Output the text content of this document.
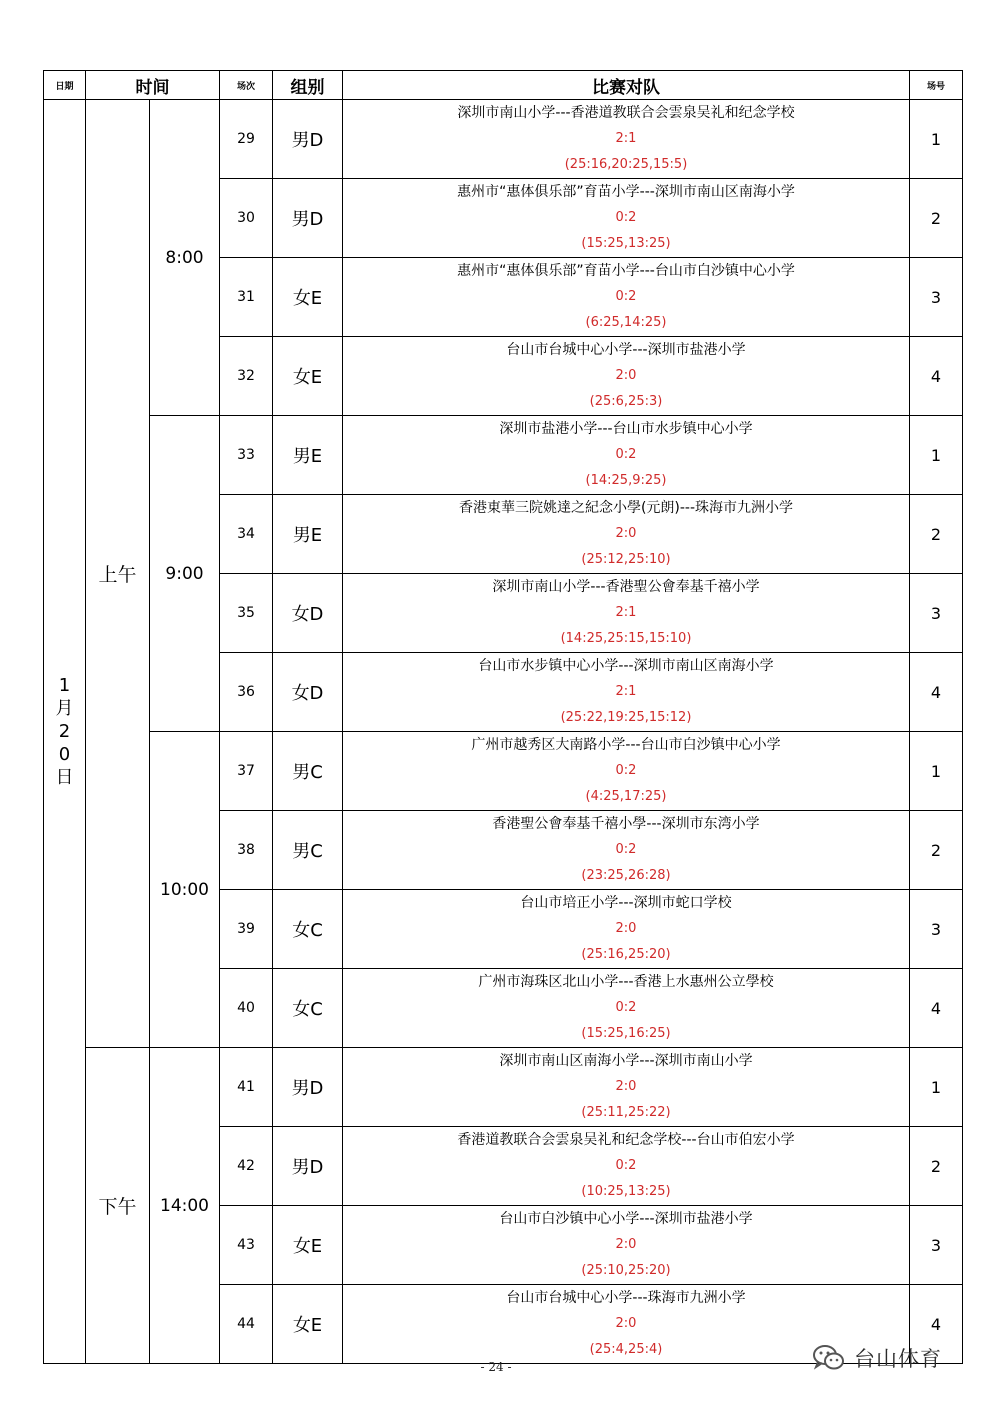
日期	时间		场次	组别	比赛对队	场号

1月20日	上午	8:00	29	男D	深圳市南山小学---香港道教联合会雲泉吴礼和纪念学校
2:1
(25:16,20:25,15:5)	1
			30	男D	惠州市“惠体俱乐部”育苗小学---深圳市南山区南海小学
0:2
(15:25,13:25)	2
			31	女E	惠州市“惠体俱乐部”育苗小学---台山市白沙镇中心小学
0:2
(6:25,14:25)	3
			32	女E	台山市台城中心小学---深圳市盐港小学
2:0
(25:6,25:3)	4
		9:00	33	男E	深圳市盐港小学---台山市水步镇中心小学
0:2
(14:25,9:25)	1
			34	男E	香港東華三院姚達之紀念小學(元朗)---珠海市九洲小学
2:0
(25:12,25:10)	2
			35	女D	深圳市南山小学---香港聖公會奉基千禧小学
2:1
(14:25,25:15,15:10)	3
			36	女D	台山市水步镇中心小学---深圳市南山区南海小学
2:1
(25:22,19:25,15:12)	4
		10:00	37	男C	广州市越秀区大南路小学---台山市白沙镇中心小学
0:2
(4:25,17:25)	1
			38	男C	香港聖公會奉基千禧小學---深圳市东湾小学
0:2
(23:25,26:28)	2
			39	女C	台山市培正小学---深圳市蛇口学校
2:0
(25:16,25:20)	3
			40	女C	广州市海珠区北山小学---香港上水惠州公立學校
0:2
(15:25,16:25)	4
	下午	14:00	41	男D	深圳市南山区南海小学---深圳市南山小学
2:0
(25:11,25:22)	1
			42	男D	香港道教联合会雲泉吴礼和纪念学校---台山市伯宏小学
0:2
(10:25,13:25)	2
			43	女E	台山市白沙镇中心小学---深圳市盐港小学
2:0
(25:10,25:20)	3
			44	女E	台山市台城中心小学---珠海市九洲小学
2:0
(25:4,25:4)	4
- 24 -	台山体育
